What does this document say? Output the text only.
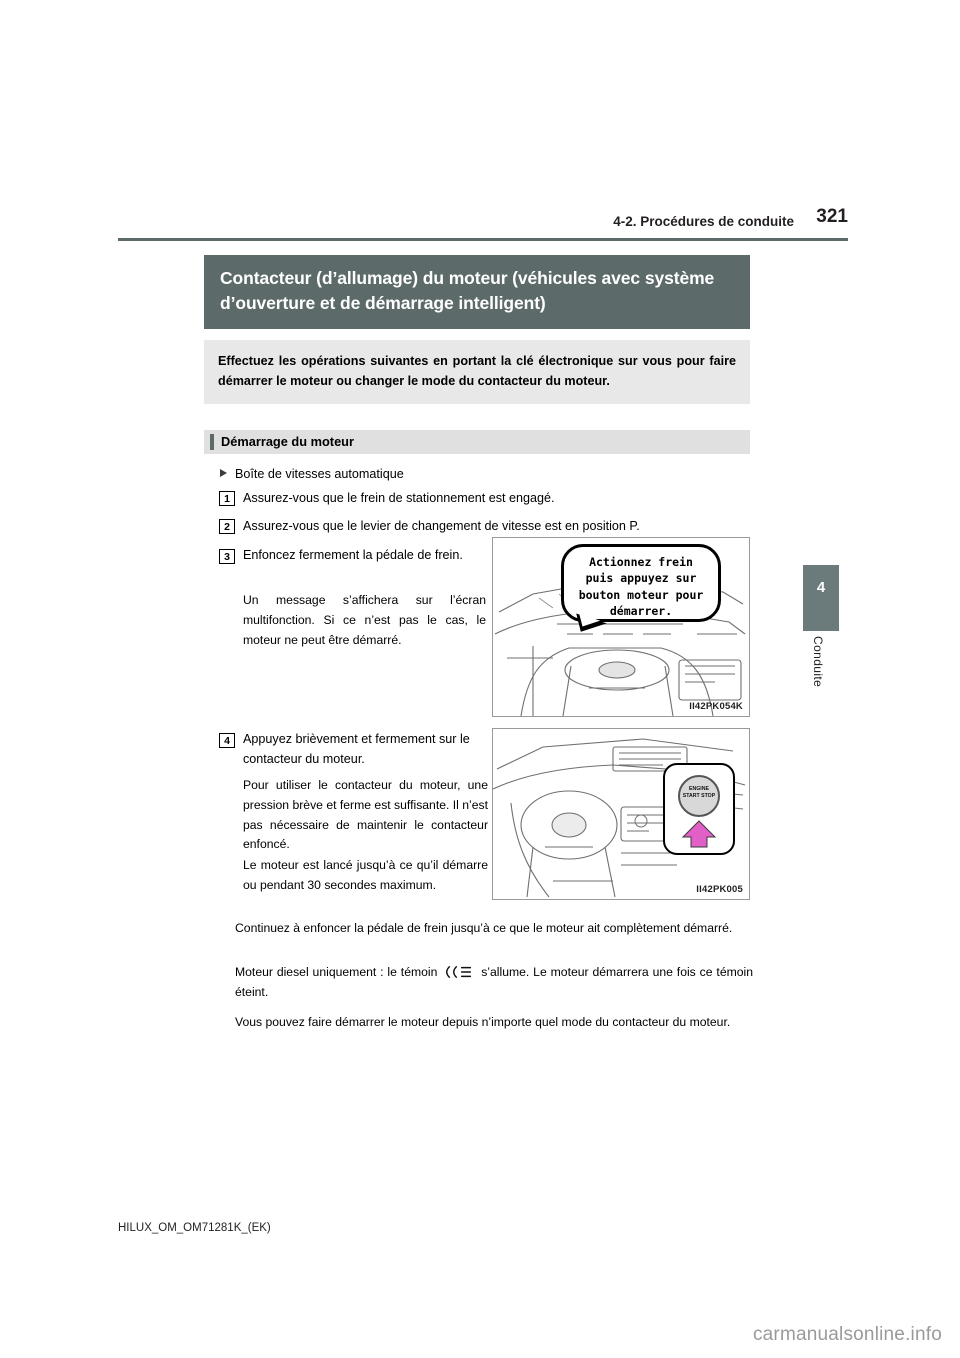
4-2. Procédures de conduite 321
4
Conduite
Contacteur (d’allumage) du moteur (véhicules avec système d’ouverture et de démarrage intelligent)
Effectuez les opérations suivantes en portant la clé électronique sur vous pour faire démarrer le moteur ou changer le mode du contacteur du moteur.
Démarrage du moteur
Boîte de vitesses automatique
1	Assurez-vous que le frein de stationnement est engagé.
2	Assurez-vous que le levier de changement de vitesse est en position P.
3	Enfoncez fermement la pédale de frein.
Un message s’affichera sur l’écran multifonction. Si ce n’est pas le cas, le moteur ne peut être démarré.
Actionnez frein puis appuyez sur bouton moteur pour démarrer.
II42PK054K
4	Appuyez brièvement et fermement sur le contacteur du moteur.
Pour utiliser le contacteur du moteur, une pression brève et ferme est suffisante. Il n’est pas nécessaire de maintenir le contacteur enfoncé.
Le moteur est lancé jusqu’à ce qu’il démarre ou pendant 30 secondes maximum.
ENGINE START STOP
II42PK005
Continuez à enfoncer la pédale de frein jusqu’à ce que le moteur ait complètement démarré.
Moteur diesel uniquement : le témoin	s’allume. Le moteur démarrera une fois ce témoin éteint.
Vous pouvez faire démarrer le moteur depuis n’importe quel mode du contacteur du moteur.
HILUX_OM_OM71281K_(EK)
carmanualsonline.info
